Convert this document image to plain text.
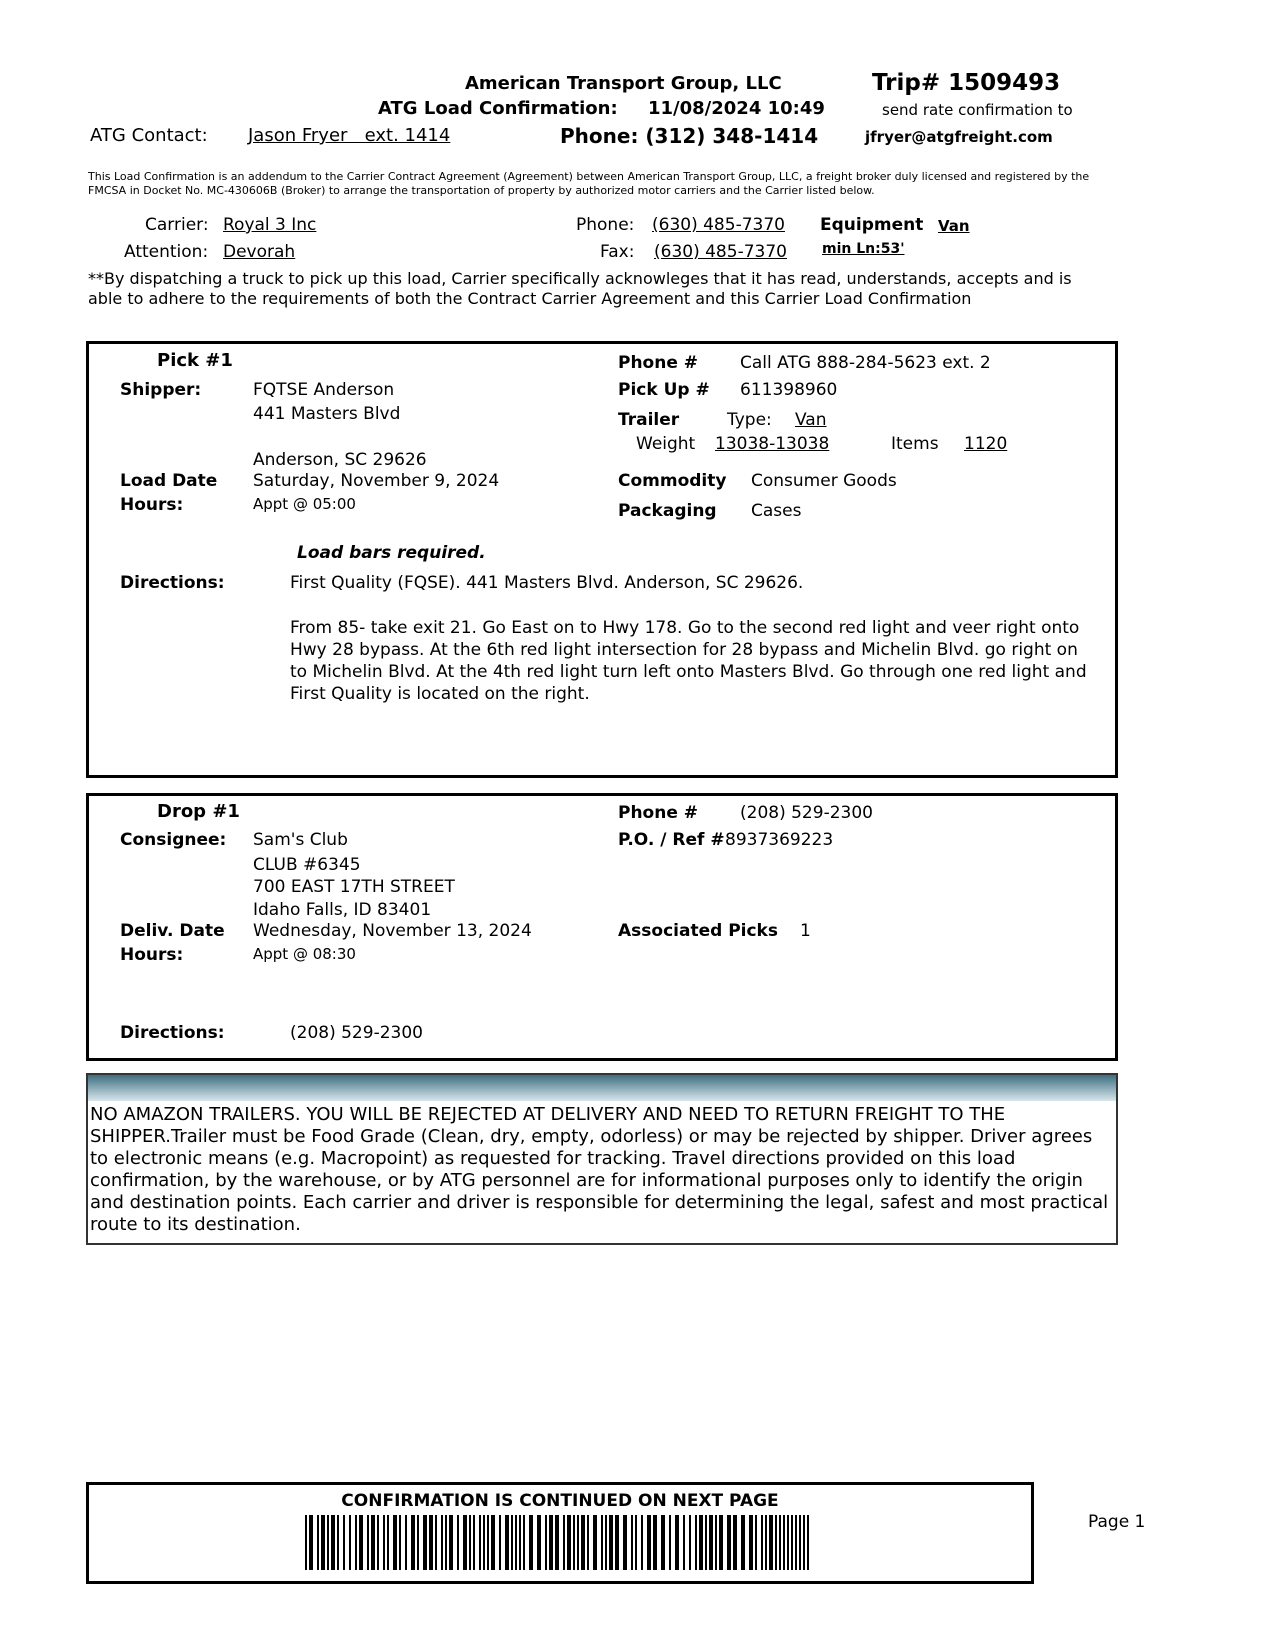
American Transport Group, LLC	Trip# 1509493
ATG Load Confirmation: 11/08/2024 10:49	send rate confirmation to
ATG Contact: Jason Fryer   ext. 1414	Phone: (312) 348-1414	jfryer@atgfreight.com
This Load Confirmation is an addendum to the Carrier Contract Agreement (Agreement) between American Transport Group, LLC, a freight broker duly licensed and registered by the FMCSA in Docket No. MC-430606B (Broker) to arrange the transportation of property by authorized motor carriers and the Carrier listed below.
Carrier: Royal 3 Inc
Attention: Devorah
Phone: (630) 485-7370
Fax: (630) 485-7370
Equipment Van
min Ln:53'
**By dispatching a truck to pick up this load, Carrier specifically acknowleges that it has read, understands, accepts and is able to adhere to the requirements of both the Contract Carrier Agreement and this Carrier Load Confirmation
Pick #1
Shipper:	FQTSE Anderson
441 Masters Blvd
Anderson, SC 29626
Load Date Saturday, November 9, 2024
Hours:	Appt @ 05:00
Phone # Call ATG 888-284-5623 ext. 2
Pick Up # 611398960
Trailer	Type: Van
Weight 13038-13038	Items 1120
Commodity Consumer Goods
Packaging Cases
Load bars required.
Directions:	First Quality (FQSE). 441 Masters Blvd. Anderson, SC 29626.
From 85- take exit 21. Go East on to Hwy 178. Go to the second red light and veer right onto Hwy 28 bypass. At the 6th red light intersection for 28 bypass and Michelin Blvd. go right on to Michelin Blvd. At the 4th red light turn left onto Masters Blvd. Go through one red light and First Quality is located on the right.
Drop #1
Consignee: Sam's Club
CLUB #6345
700 EAST 17TH STREET
Idaho Falls, ID 83401
Deliv. Date Wednesday, November 13, 2024
Hours:	Appt @ 08:30
Phone # (208) 529-2300
P.O. / Ref # 8937369223
Associated Picks 1
Directions:	(208) 529-2300
NO AMAZON TRAILERS. YOU WILL BE REJECTED AT DELIVERY AND NEED TO RETURN FREIGHT TO THE SHIPPER.Trailer must be Food Grade (Clean, dry, empty, odorless) or may be rejected by shipper. Driver agrees to electronic means (e.g. Macropoint) as requested for tracking. Travel directions provided on this load confirmation, by the warehouse, or by ATG personnel are for informational purposes only to identify the origin and destination points. Each carrier and driver is responsible for determining the legal, safest and most practical route to its destination.
CONFIRMATION IS CONTINUED ON NEXT PAGE
Page 1
